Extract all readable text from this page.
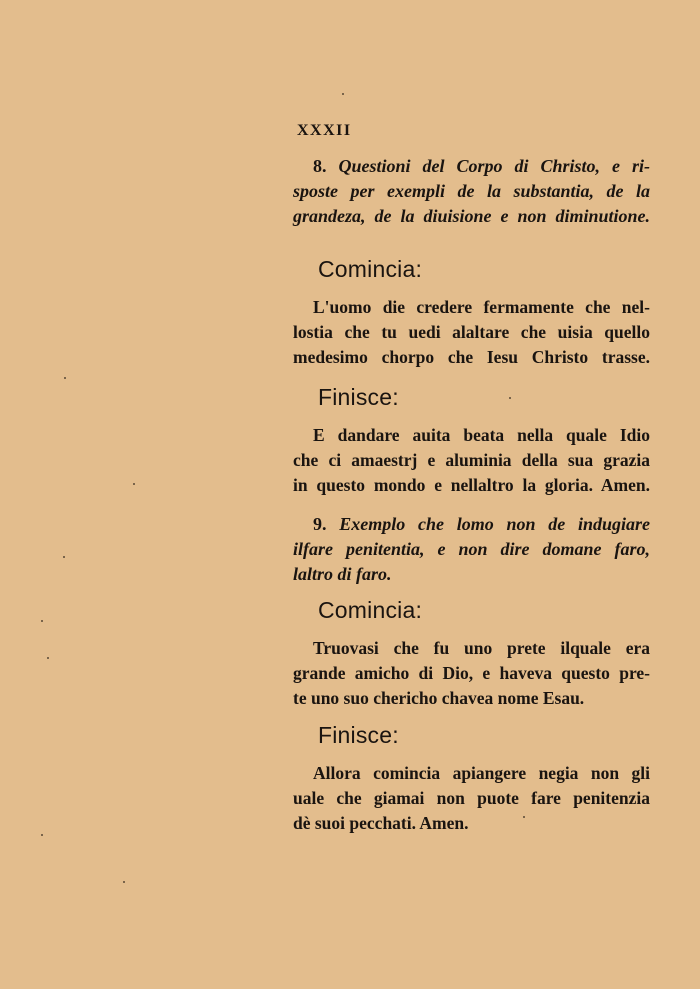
XXXII
8. Questioni del Corpo di Christo, e ri-
sposte per exempli de la substantia, de la
grandeza, de la diuisione e non diminutione.
Comincia:
L'uomo die credere fermamente che nel-
lostia che tu uedi alaltare che uisia quello
medesimo chorpo che Iesu Christo trasse.
Finisce:
E dandare auita beata nella quale Idio
che ci amaestrj e aluminia della sua grazia
in questo mondo e nellaltro la gloria. Amen.
9. Exemplo che lomo non de indugiare
ilfare penitentia, e non dire domane faro,
laltro di faro.
Comincia:
Truovasi che fu uno prete ilquale era
grande amicho di Dio, e haveva questo pre-
te uno suo chericho chavea nome Esau.
Finisce:
Allora comincia apiangere negia non gli
uale che giamai non puote fare penitenzia
dè suoi pecchati. Amen.
